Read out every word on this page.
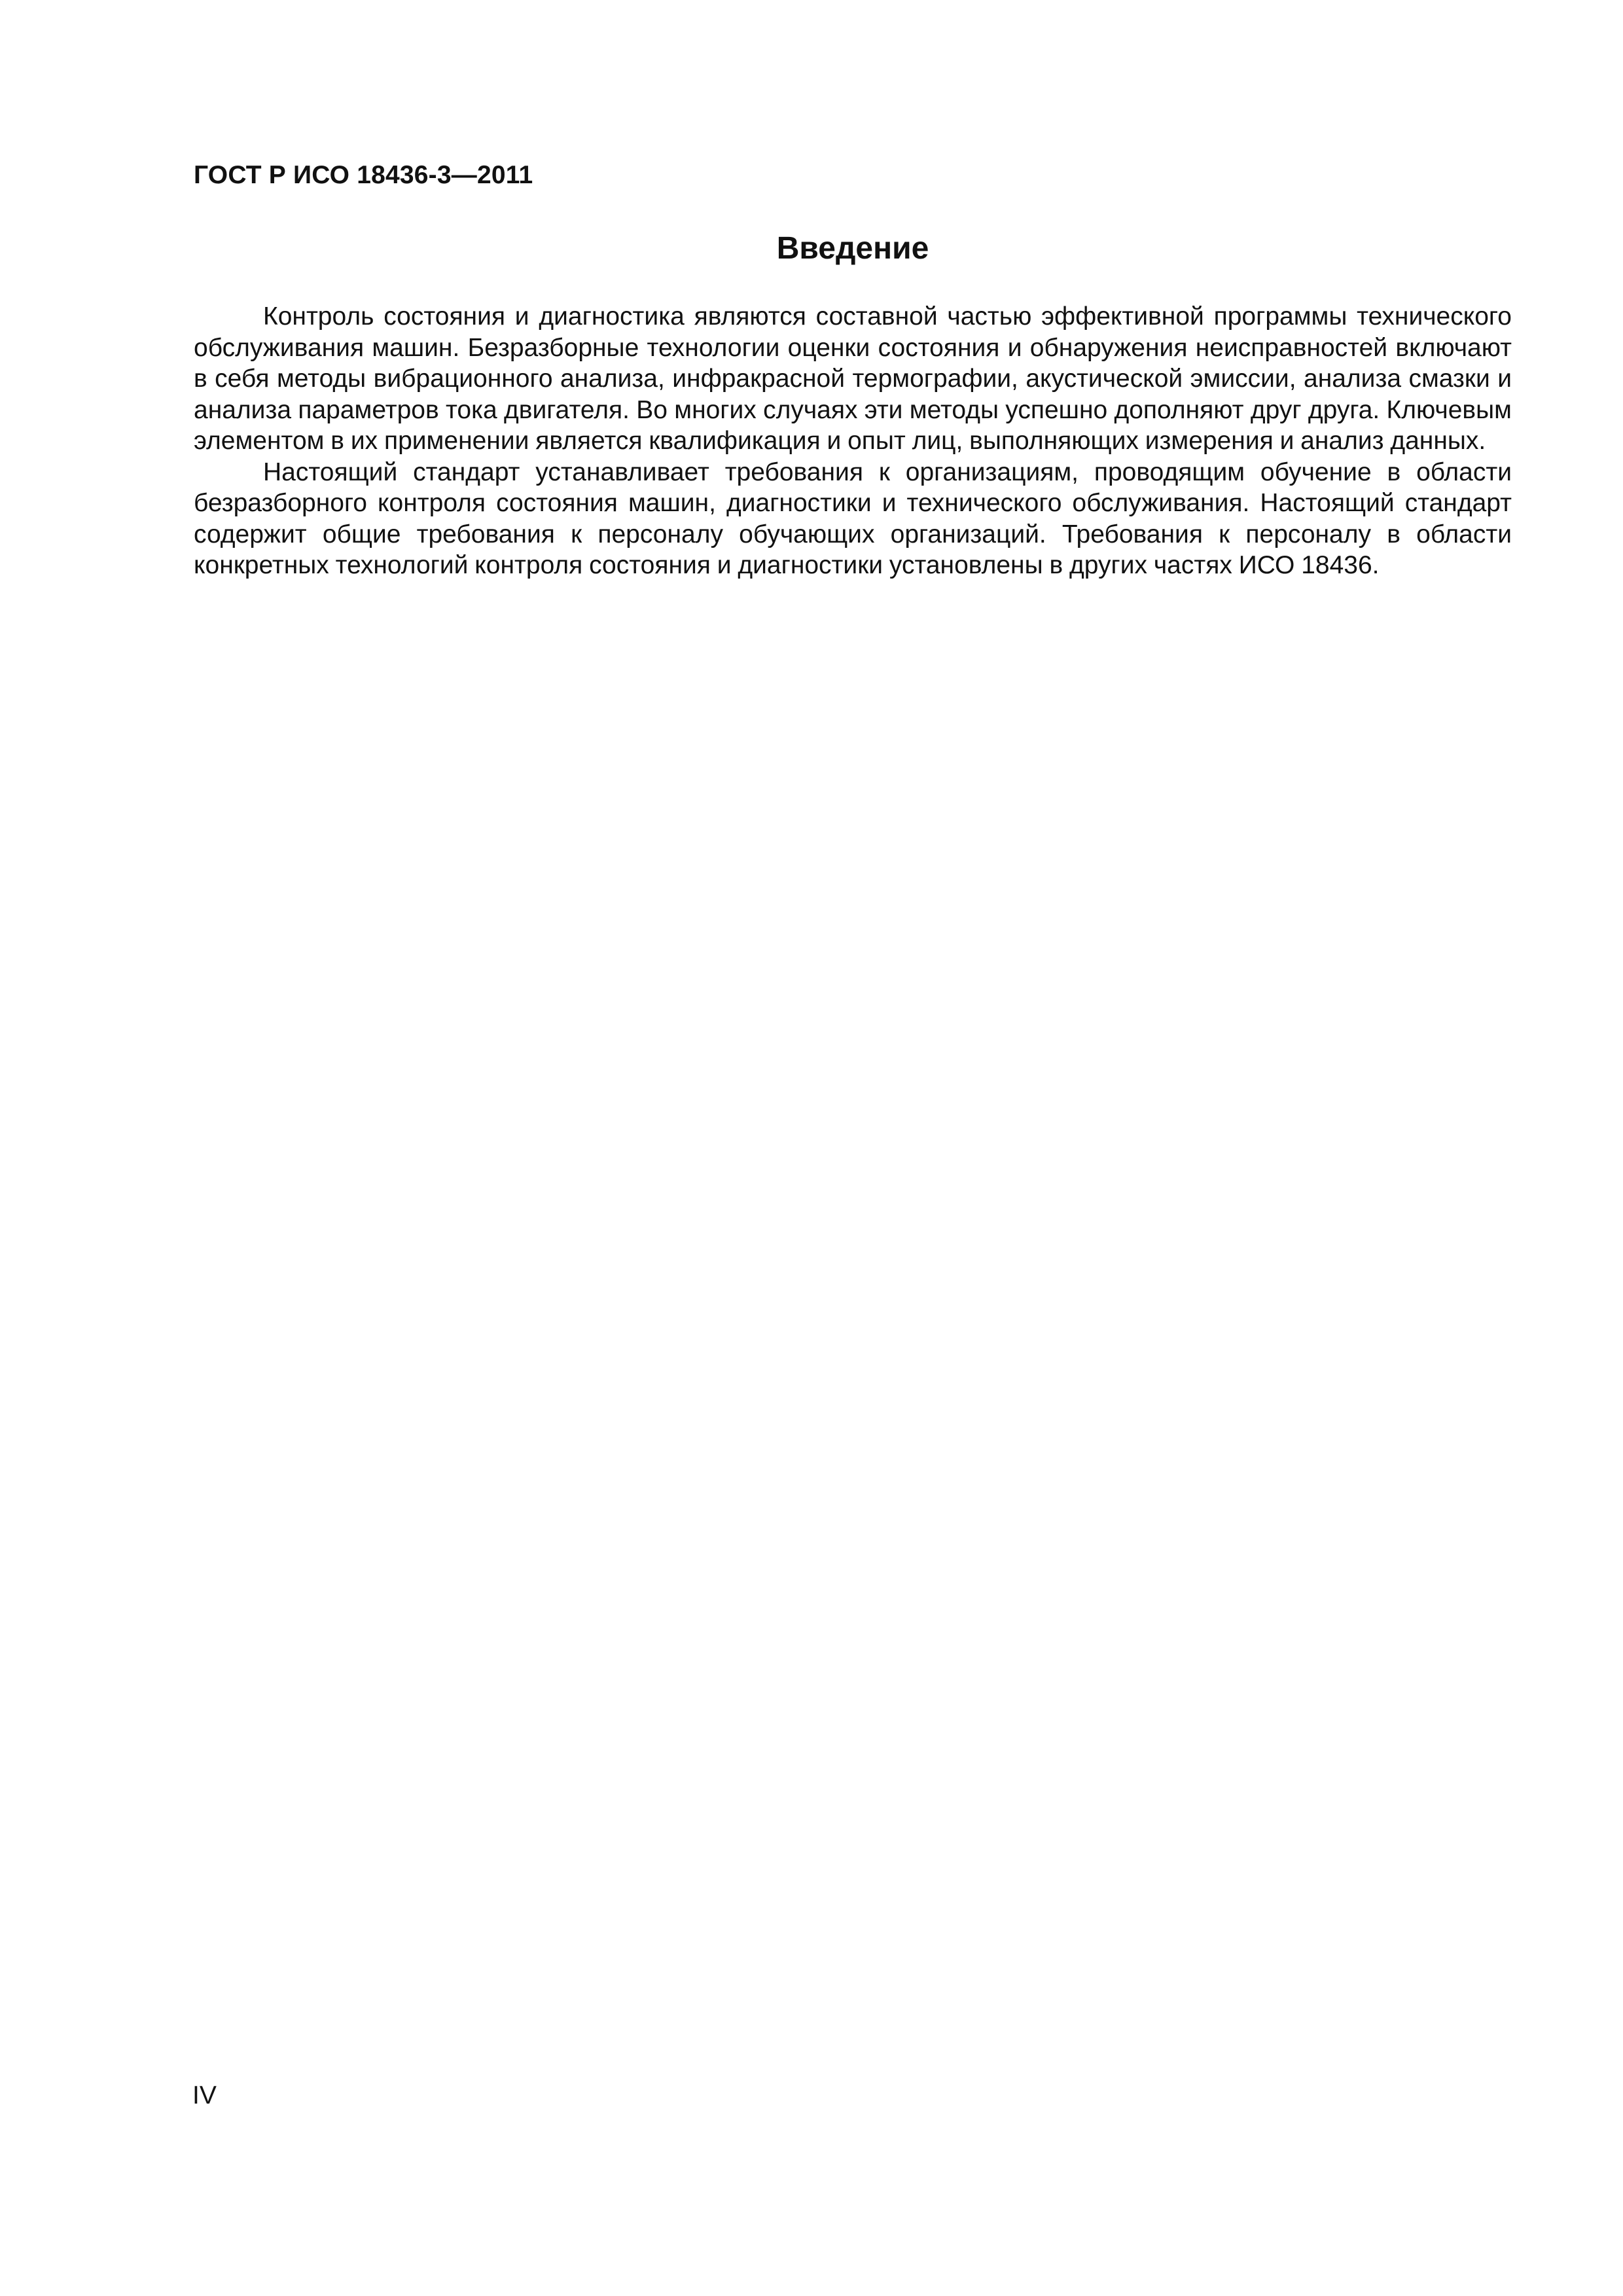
ГОСТ Р ИСО 18436-3—2011
Введение

Контроль состояния и диагностика являются составной частью эффективной программы технического обслуживания машин. Безразборные технологии оценки состояния и обнаружения неисправностей включают в себя методы вибрационного анализа, инфракрасной термографии, акустической эмиссии, анализа смазки и анализа параметров тока двигателя. Во многих случаях эти методы успешно дополняют друг друга. Ключевым элементом в их применении является квалификация и опыт лиц, выполняющих измерения и анализ данных.

Настоящий стандарт устанавливает требования к организациям, проводящим обучение в области безразборного контроля состояния машин, диагностики и технического обслуживания. Настоящий стандарт содержит общие требования к персоналу обучающих организаций. Требования к персоналу в области конкретных технологий контроля состояния и диагностики установлены в других частях ИСО 18436.

IV
